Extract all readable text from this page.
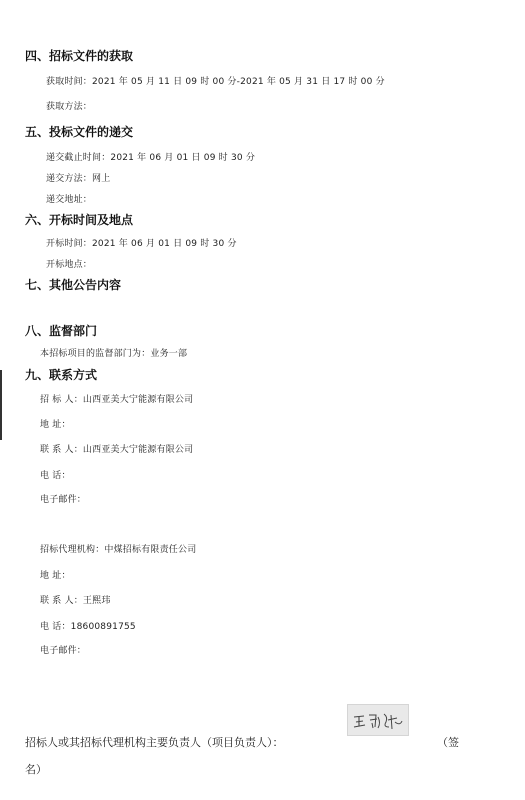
四、招标文件的获取
获取时间：2021 年 05 月 11 日 09 时 00 分-2021 年 05 月 31 日 17 时 00 分
获取方法：
五、投标文件的递交
递交截止时间：2021 年 06 月 01 日 09 时 30 分
递交方法：网上
递交地址：
六、开标时间及地点
开标时间：2021 年 06 月 01 日 09 时 30 分
开标地点：
七、其他公告内容
八、监督部门
本招标项目的监督部门为：业务一部
九、联系方式
招 标 人：山西亚美大宁能源有限公司
地 址：
联 系 人：山西亚美大宁能源有限公司
电 话：
电子邮件：
招标代理机构：中煤招标有限责任公司
地 址：
联 系 人：王熙玮
电 话：18600891755
电子邮件：
招标人或其招标代理机构主要负责人（项目负责人）：	（签
名）
